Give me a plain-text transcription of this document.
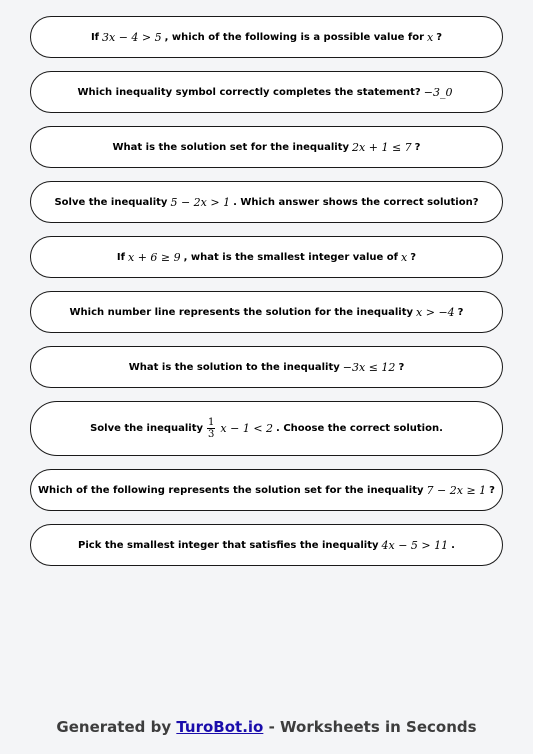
If 3x − 4 > 5 , which of the following is a possible value for x ?
Which inequality symbol correctly completes the statement? −3_0
What is the solution set for the inequality 2x + 1 ≤ 7 ?
Solve the inequality 5 − 2x > 1 . Which answer shows the correct solution?
If x + 6 ≥ 9 , what is the smallest integer value of x ?
Which number line represents the solution for the inequality x > −4 ?
What is the solution to the inequality −3x ≤ 12 ?
Solve the inequality $\frac{1}{3}$ x − 1 < 2 . Choose the correct solution.
Which of the following represents the solution set for the inequality 7 − 2x ≥ 1 ?
Pick the smallest integer that satisfies the inequality 4x − 5 > 11 .
Generated by TuroBot.io - Worksheets in Seconds
